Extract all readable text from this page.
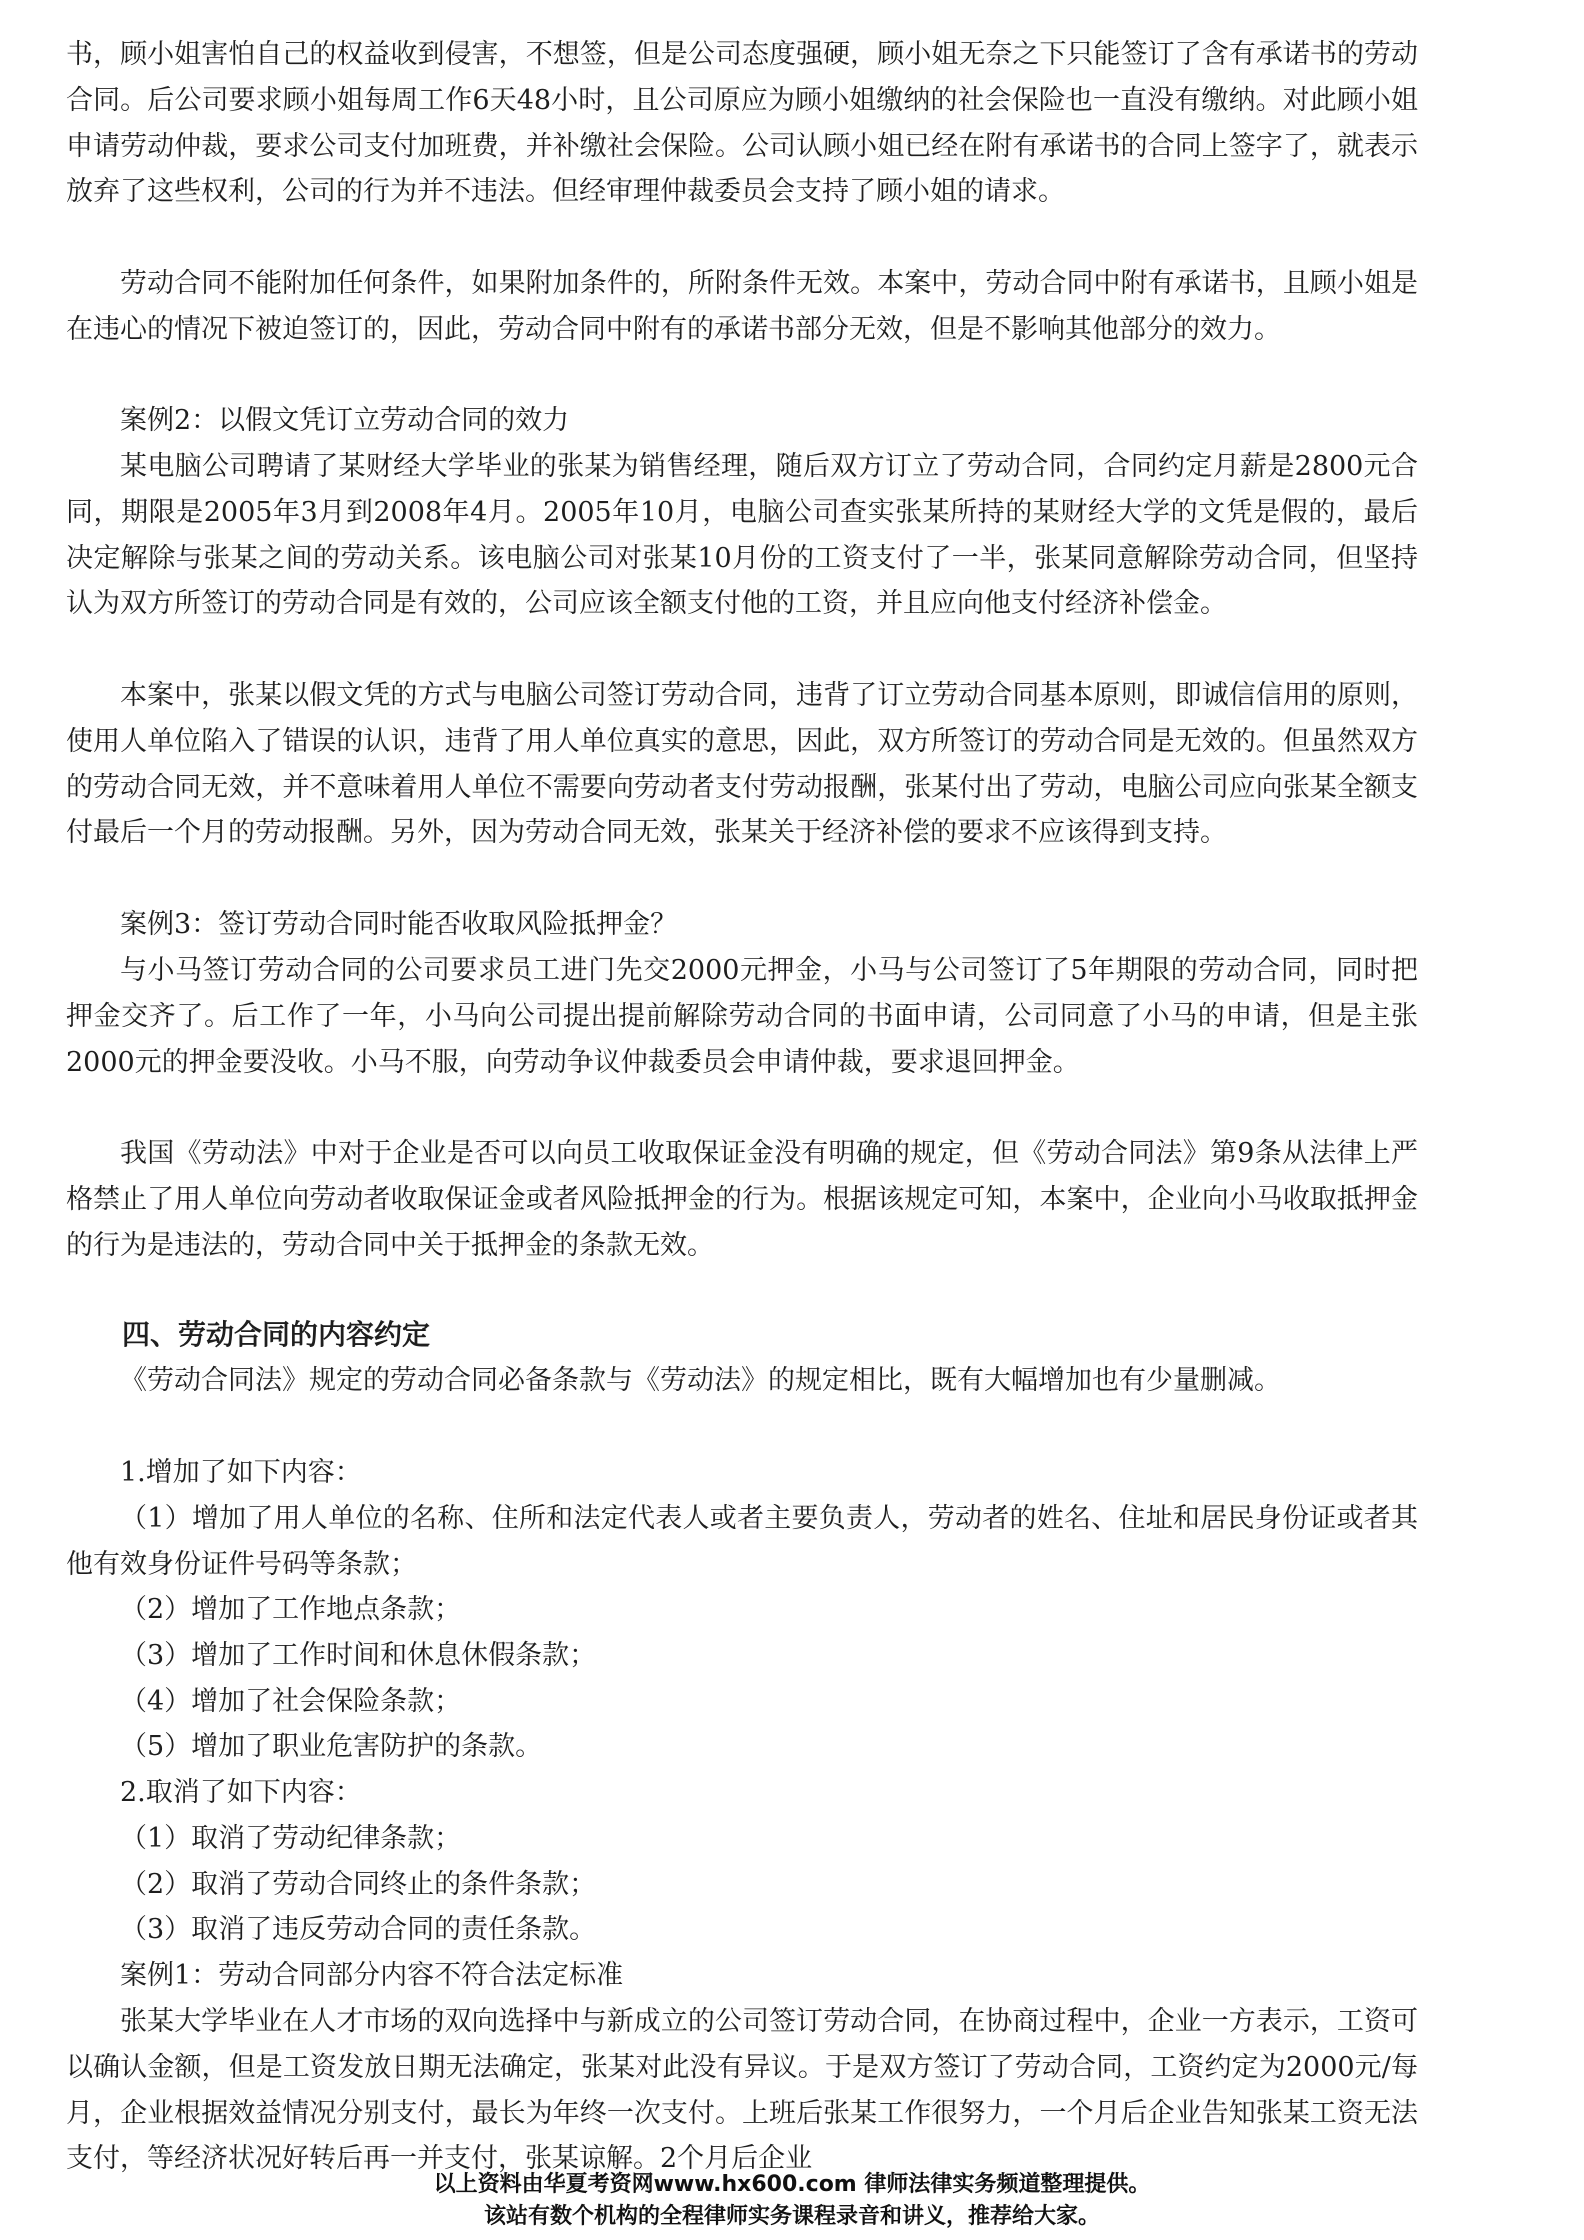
书，顾小姐害怕自己的权益收到侵害，不想签，但是公司态度强硬，顾小姐无奈之下只能签订了含有承诺书的劳动合同。后公司要求顾小姐每周工作6天48小时，且公司原应为顾小姐缴纳的社会保险也一直没有缴纳。对此顾小姐申请劳动仲裁，要求公司支付加班费，并补缴社会保险。公司认顾小姐已经在附有承诺书的合同上签字了，就表示放弃了这些权利，公司的行为并不违法。但经审理仲裁委员会支持了顾小姐的请求。

劳动合同不能附加任何条件，如果附加条件的，所附条件无效。本案中，劳动合同中附有承诺书，且顾小姐是在违心的情况下被迫签订的，因此，劳动合同中附有的承诺书部分无效，但是不影响其他部分的效力。

案例2：以假文凭订立劳动合同的效力

某电脑公司聘请了某财经大学毕业的张某为销售经理，随后双方订立了劳动合同，合同约定月薪是2800元合同，期限是2005年3月到2008年4月。2005年10月，电脑公司查实张某所持的某财经大学的文凭是假的，最后决定解除与张某之间的劳动关系。该电脑公司对张某10月份的工资支付了一半，张某同意解除劳动合同，但坚持认为双方所签订的劳动合同是有效的，公司应该全额支付他的工资，并且应向他支付经济补偿金。

本案中，张某以假文凭的方式与电脑公司签订劳动合同，违背了订立劳动合同基本原则，即诚信信用的原则，使用人单位陷入了错误的认识，违背了用人单位真实的意思，因此，双方所签订的劳动合同是无效的。但虽然双方的劳动合同无效，并不意味着用人单位不需要向劳动者支付劳动报酬，张某付出了劳动，电脑公司应向张某全额支付最后一个月的劳动报酬。另外，因为劳动合同无效，张某关于经济补偿的要求不应该得到支持。

案例3：签订劳动合同时能否收取风险抵押金？

与小马签订劳动合同的公司要求员工进门先交2000元押金，小马与公司签订了5年期限的劳动合同，同时把押金交齐了。后工作了一年，小马向公司提出提前解除劳动合同的书面申请，公司同意了小马的申请，但是主张2000元的押金要没收。小马不服，向劳动争议仲裁委员会申请仲裁，要求退回押金。

我国《劳动法》中对于企业是否可以向员工收取保证金没有明确的规定，但《劳动合同法》第9条从法律上严格禁止了用人单位向劳动者收取保证金或者风险抵押金的行为。根据该规定可知，本案中，企业向小马收取抵押金的行为是违法的，劳动合同中关于抵押金的条款无效。

四、劳动合同的内容约定

《劳动合同法》规定的劳动合同必备条款与《劳动法》的规定相比，既有大幅增加也有少量删减。

1.增加了如下内容：

（1）增加了用人单位的名称、住所和法定代表人或者主要负责人，劳动者的姓名、住址和居民身份证或者其他有效身份证件号码等条款；

（2）增加了工作地点条款；

（3）增加了工作时间和休息休假条款；

（4）增加了社会保险条款；

（5）增加了职业危害防护的条款。

2.取消了如下内容：

（1）取消了劳动纪律条款；

（2）取消了劳动合同终止的条件条款；

（3）取消了违反劳动合同的责任条款。

案例1：劳动合同部分内容不符合法定标准

张某大学毕业在人才市场的双向选择中与新成立的公司签订劳动合同，在协商过程中，企业一方表示，工资可以确认金额，但是工资发放日期无法确定，张某对此没有异议。于是双方签订了劳动合同，工资约定为2000元/每月，企业根据效益情况分别支付，最长为年终一次支付。上班后张某工作很努力，一个月后企业告知张某工资无法支付，等经济状况好转后再一并支付，张某谅解。2个月后企业

以上资料由华夏考资网www.hx600.com 律师法律实务频道整理提供。
该站有数个机构的全程律师实务课程录音和讲义，推荐给大家。
